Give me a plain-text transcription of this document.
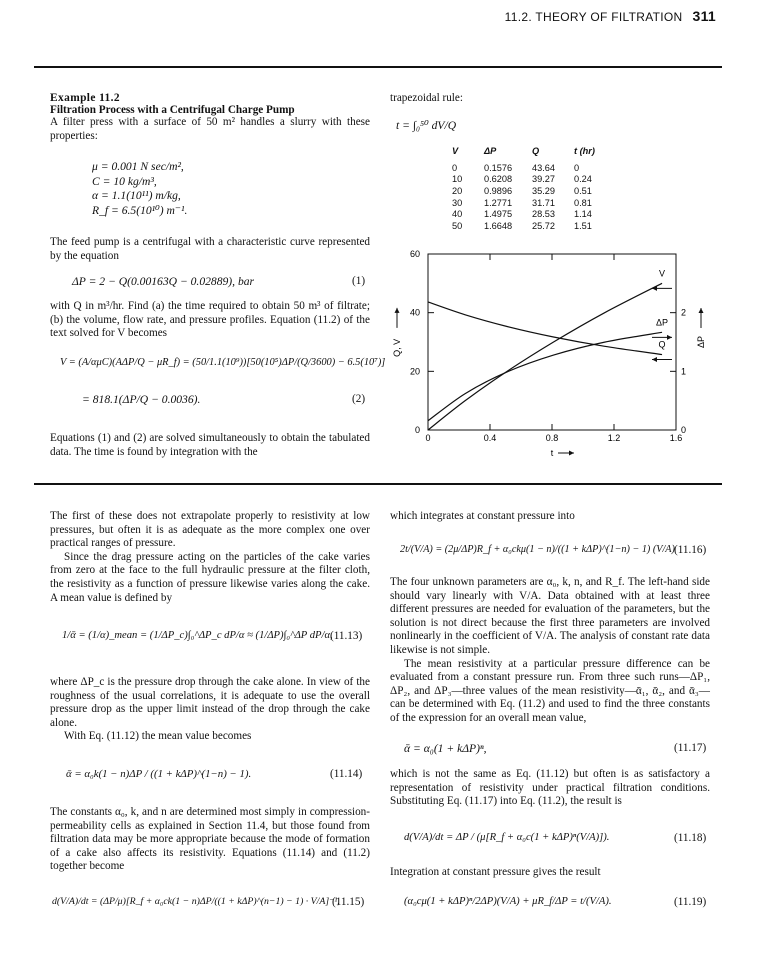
11.2. THEORY OF FILTRATION 311
Example 11.2
Filtration Process with a Centrifugal Charge Pump
A filter press with a surface of 50 m² handles a slurry with these properties:
μ = 0.001 N sec/m²,
C = 10 kg/m³,
α = 1.1(10¹¹) m/kg,
R_f = 6.5(10¹⁰) m⁻¹.
The feed pump is a centrifugal with a characteristic curve represented by the equation
ΔP = 2 − Q(0.00163Q − 0.02889), bar	(1)
with Q in m³/hr. Find (a) the time required to obtain 50 m³ of filtrate; (b) the volume, flow rate, and pressure profiles. Equation (11.2) of the text solved for V becomes
V = (A/αμC)(AΔP/Q − μR_f) = (50/1.1(10⁹))[50(10⁵)ΔP/(Q/3600) − 6.5(10⁷)]
= 818.1(ΔP/Q − 0.0036).	(2)
Equations (1) and (2) are solved simultaneously to obtain the tabulated data. The time is found by integration with the
trapezoidal rule:
t = ∫₀⁵⁰ dV/Q
V	ΔP	Q	t (hr)
0	0.1576	43.64	0
10	0.6208	39.27	0.24
20	0.9896	35.29	0.51
30	1.2771	31.71	0.81
40	1.4975	28.53	1.14
50	1.6648	25.72	1.51
0	0.4	0.8	1.2	1.6
0
20
40
60
0
1
2
V
ΔP
Q
t
Q, V	ΔP
The first of these does not extrapolate properly to resistivity at low pressures, but often it is as adequate as the more complex one over practical ranges of pressure.
Since the drag pressure acting on the particles of the cake varies from zero at the face to the full hydraulic pressure at the filter cloth, the resistivity as a function of pressure likewise varies along the cake. A mean value is defined by
1/ᾱ = (1/α)_mean = (1/ΔP_c)∫₀^ΔP_c dP/α ≈ (1/ΔP)∫₀^ΔP dP/α,
(11.13)
where ΔP_c is the pressure drop through the cake alone. In view of the roughness of the usual correlations, it is adequate to use the overall pressure drop as the upper limit instead of the drop through the cake alone.
With Eq. (11.12) the mean value becomes
ᾱ = α₀k(1 − n)ΔP / ((1 + kΔP)^(1−n) − 1).	(11.14)
The constants α₀, k, and n are determined most simply in compression-permeability cells as explained in Section 11.4, but those found from filtration data may be more appropriate because the mode of formation of a cake also affects its resistivity. Equations (11.14) and (11.2) together become
d(V/A)/dt = (ΔP/μ)[R_f + α₀ck(1 − n)ΔP/((1 + kΔP)^(n−1) − 1) · V/A]⁻¹,
(11.15)
which integrates at constant pressure into
2t/(V/A) = (2μ/ΔP)R_f + α₀ckμ(1 − n)/((1 + kΔP)^(1−n) − 1) (V/A) (11.16)
The four unknown parameters are α₀, k, n, and R_f. The left-hand side should vary linearly with V/A. Data obtained with at least three different pressures are needed for evaluation of the parameters, but the solution is not direct because the first three parameters are involved nonlinearly in the coefficient of V/A. The analysis of constant rate data likewise is not simple.
The mean resistivity at a particular pressure difference can be evaluated from a constant pressure run. From three such runs—ΔP₁, ΔP₂, and ΔP₃—three values of the mean resistivity—ᾱ₁, ᾱ₂, and ᾱ₃—can be determined with Eq. (11.2) and used to find the three constants of the expression for an overall mean value,
ᾱ = α₀(1 + kΔP)ⁿ,	(11.17)
which is not the same as Eq. (11.12) but often is as satisfactory a representation of resistivity under practical filtration conditions. Substituting Eq. (11.17) into Eq. (11.2), the result is
d(V/A)/dt = ΔP / (μ[R_f + α₀c(1 + kΔP)ⁿ(V/A)]).	(11.18)
Integration at constant pressure gives the result
(α₀cμ(1 + kΔP)ⁿ/2ΔP)(V/A) + μR_f/ΔP = t/(V/A).	(11.19)
